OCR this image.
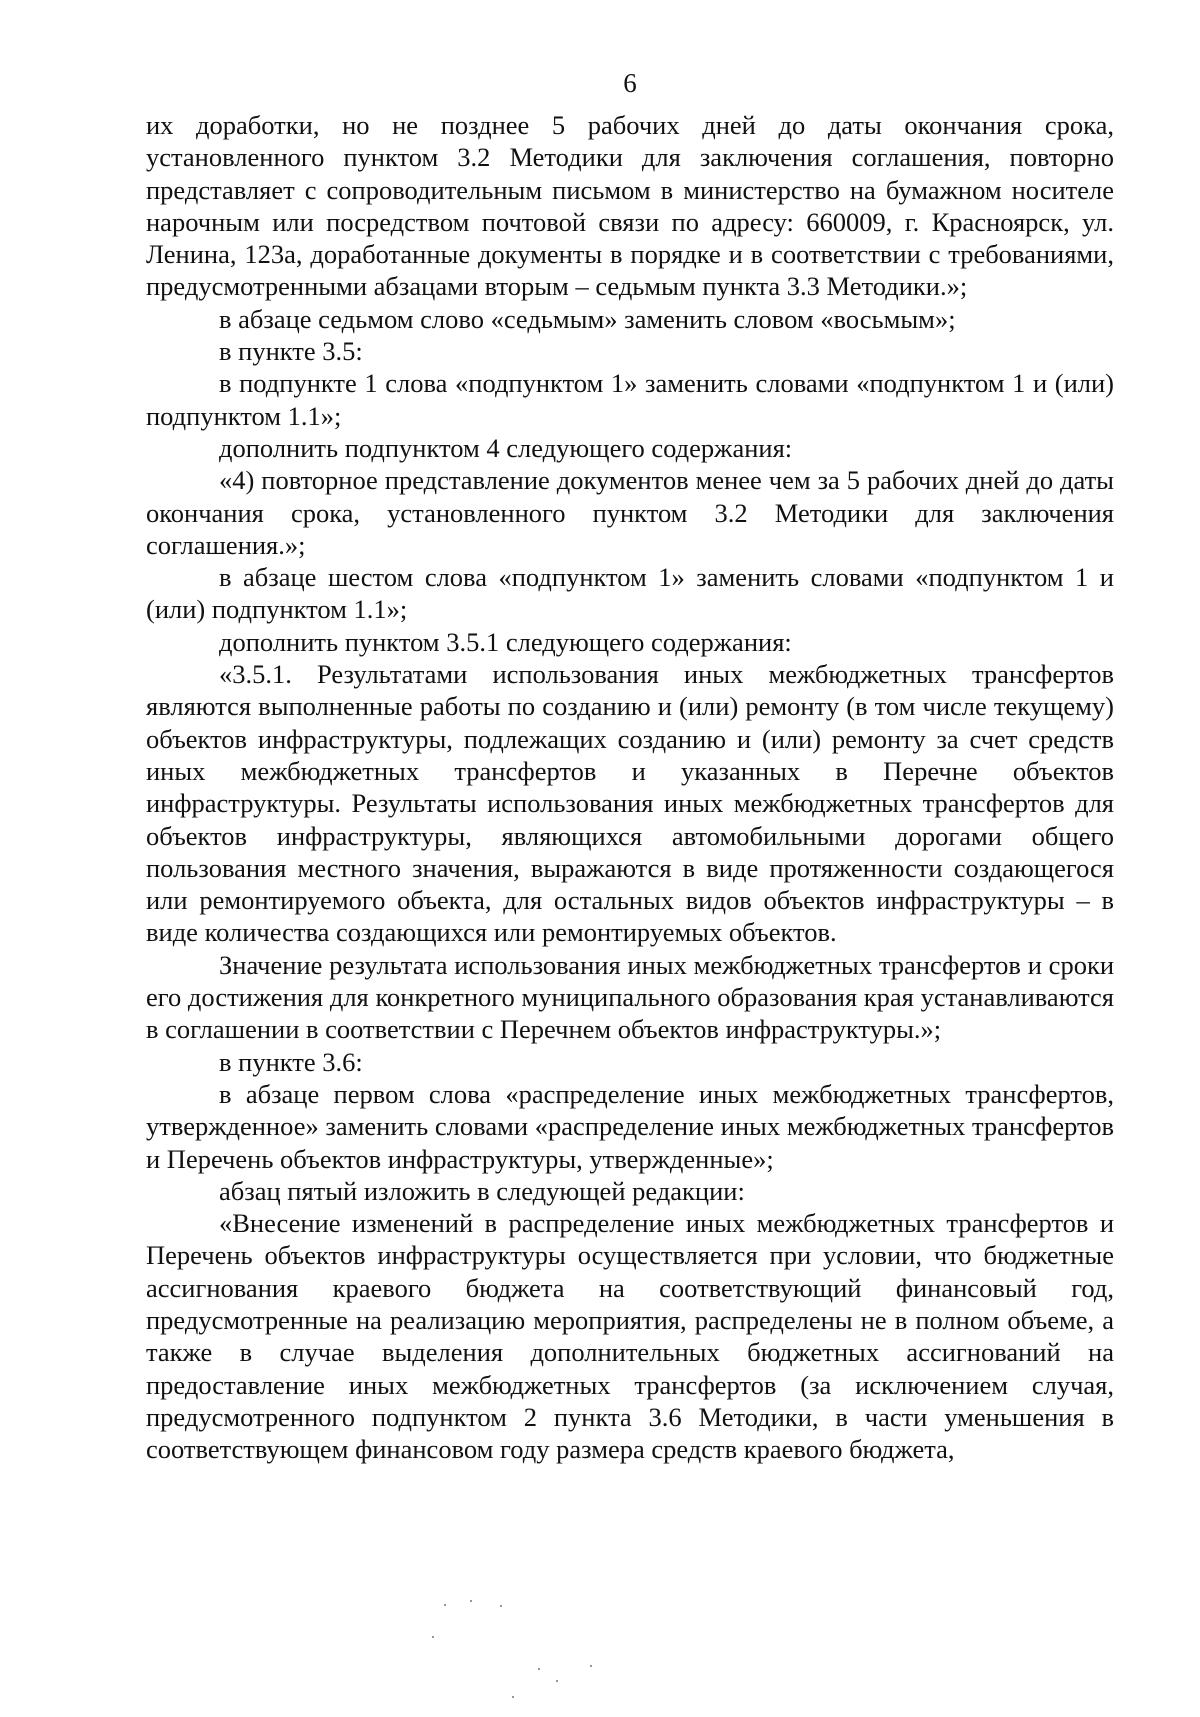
6

их доработки, но не позднее 5 рабочих дней до даты окончания срока, установленного пунктом 3.2 Методики для заключения соглашения, повторно представляет с сопроводительным письмом в министерство на бумажном носителе нарочным или посредством почтовой связи по адресу: 660009, г. Красноярск, ул. Ленина, 123а, доработанные документы в порядке и в соответствии с требованиями, предусмотренными абзацами вторым – седьмым пункта 3.3 Методики.»;

в абзаце седьмом слово «седьмым» заменить словом «восьмым»;

в пункте 3.5:

в подпункте 1 слова «подпунктом 1» заменить словами «подпунктом 1 и (или) подпунктом 1.1»;

дополнить подпунктом 4 следующего содержания:

«4) повторное представление документов менее чем за 5 рабочих дней до даты окончания срока, установленного пунктом 3.2 Методики для заключения соглашения.»;

в абзаце шестом слова «подпунктом 1» заменить словами «подпунктом 1 и (или) подпунктом 1.1»;

дополнить пунктом 3.5.1 следующего содержания:

«3.5.1. Результатами использования иных межбюджетных трансфертов являются выполненные работы по созданию и (или) ремонту (в том числе текущему) объектов инфраструктуры, подлежащих созданию и (или) ремонту за счет средств иных межбюджетных трансфертов и указанных в Перечне объектов инфраструктуры. Результаты использования иных межбюджетных трансфертов для объектов инфраструктуры, являющихся автомобильными дорогами общего пользования местного значения, выражаются в виде протяженности создающегося или ремонтируемого объекта, для остальных видов объектов инфраструктуры – в виде количества создающихся или ремонтируемых объектов.

Значение результата использования иных межбюджетных трансфертов и сроки его достижения для конкретного муниципального образования края устанавливаются в соглашении в соответствии с Перечнем объектов инфраструктуры.»;

в пункте 3.6:

в абзаце первом слова «распределение иных межбюджетных трансфертов, утвержденное» заменить словами «распределение иных межбюджетных трансфертов и Перечень объектов инфраструктуры, утвержденные»;

абзац пятый изложить в следующей редакции:

«Внесение изменений в распределение иных межбюджетных трансфертов и Перечень объектов инфраструктуры осуществляется при условии, что бюджетные ассигнования краевого бюджета на соответствующий финансовый год, предусмотренные на реализацию мероприятия, распределены не в полном объеме, а также в случае выделения дополнительных бюджетных ассигнований на предоставление иных межбюджетных трансфертов (за исключением случая, предусмотренного подпунктом 2 пункта 3.6 Методики, в части уменьшения в соответствующем финансовом году размера средств краевого бюджета,
